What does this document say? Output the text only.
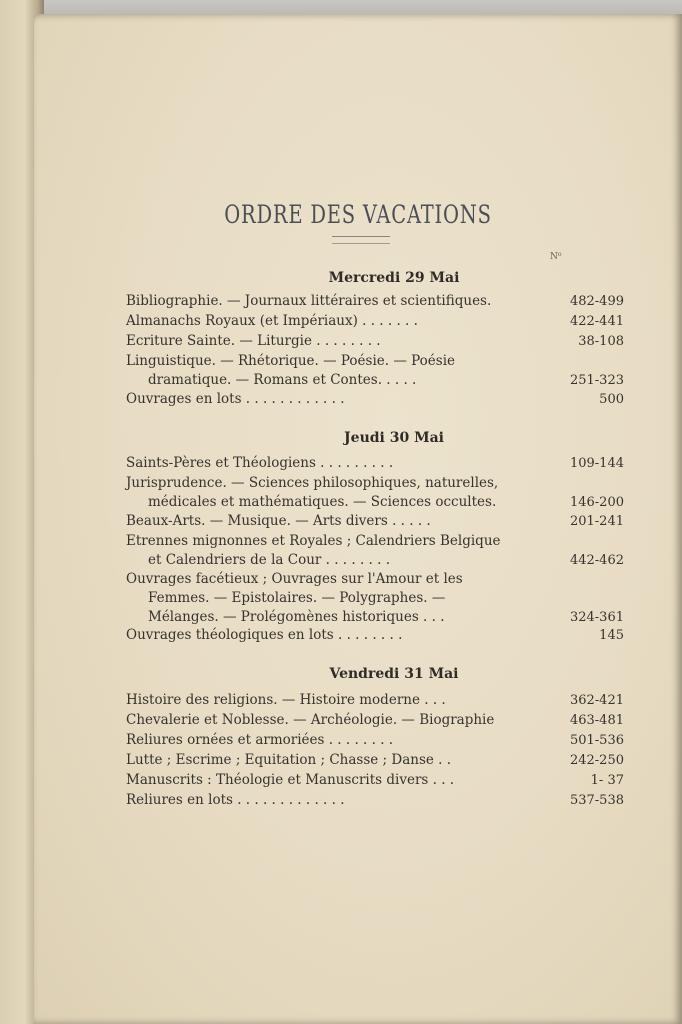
ORDRE DES VACATIONS
N⁰
Mercredi 29 Mai
Bibliographie. — Journaux littéraires et scientifiques.	482-499
Almanachs Royaux (et Impériaux) . . . . . . .	422-441
Ecriture Sainte. — Liturgie . . . . . . . .	38-108
Linguistique. — Rhétorique. — Poésie. — Poésie
dramatique. — Romans et Contes. . . . .	251-323
Ouvrages en lots . . . . . . . . . . . .	500
Jeudi 30 Mai
Saints-Pères et Théologiens . . . . . . . . .	109-144
Jurisprudence. — Sciences philosophiques, naturelles,
médicales et mathématiques. — Sciences occultes.	146-200
Beaux-Arts. — Musique. — Arts divers . . . . .	201-241
Etrennes mignonnes et Royales ; Calendriers Belgique
et Calendriers de la Cour . . . . . . . .	442-462
Ouvrages facétieux ; Ouvrages sur l'Amour et les
Femmes. — Epistolaires. — Polygraphes. —
Mélanges. — Prolégomènes historiques . . .	324-361
Ouvrages théologiques en lots . . . . . . . .	145
Vendredi 31 Mai
Histoire des religions. — Histoire moderne . . .	362-421
Chevalerie et Noblesse. — Archéologie. — Biographie	463-481
Reliures ornées et armoriées . . . . . . . .	501-536
Lutte ; Escrime ; Equitation ; Chasse ; Danse . .	242-250
Manuscrits : Théologie et Manuscrits divers . . .	1- 37
Reliures en lots . . . . . . . . . . . . .	537-538
